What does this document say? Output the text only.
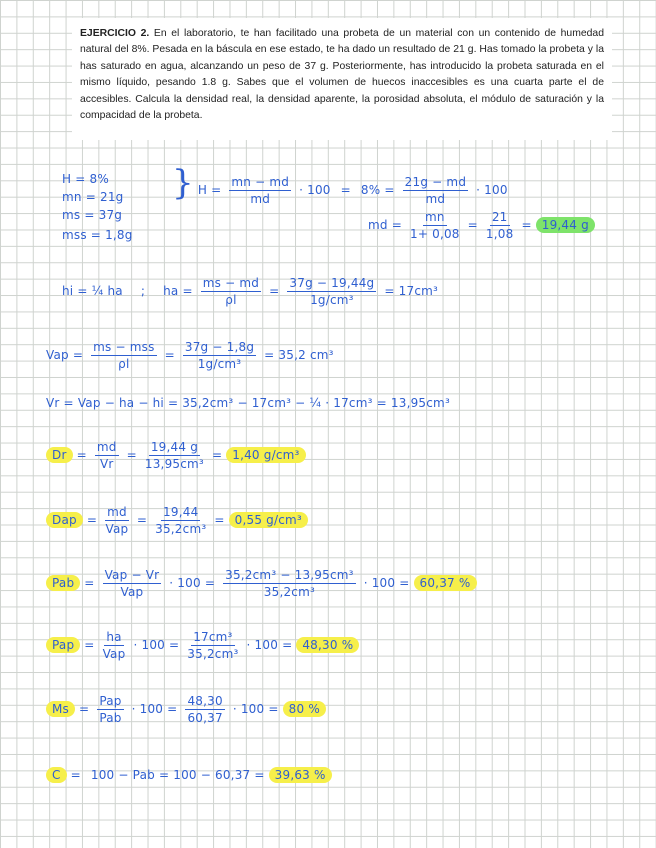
EJERCICIO 2. En el laboratorio, te han facilitado una probeta de un material con un contenido de humedad natural del 8%. Pesada en la báscula en ese estado, te ha dado un resultado de 21 g. Has tomado la probeta y la has saturado en agua, alcanzando un peso de 37 g. Posteriormente, has introducido la probeta saturada en el mismo líquido, pesando 1.8 g. Sabes que el volumen de huecos inaccesibles es una cuarta parte el de accesibles. Calcula la densidad real, la densidad aparente, la porosidad absoluta, el módulo de saturación y la compacidad de la probeta.
H = 8%
mn = 21g
ms = 37g
mss = 1,8g
} $H = \frac{mn - md}{md} \cdot 100 = 8\% = \frac{21g - md}{md} \cdot 100$
md = $\frac{mn}{1+ 0,08} = \frac{21}{1,08} = 19,44$ g
hi = ¼ ha ; ha = $\frac{ms - md}{\rho l} = \frac{37g - 19,44g}{\text{1g/cm³}} = 17cm^3$
Vap = $\frac{\text{ms − mss}}{\rho l} = \frac{37g - 1,8g}{\text{1g/cm³}} = 35,2$ cm³
Vr = Vap − ha − hi = 35,2cm³ − 17cm³ − ¼ · 17cm³ = 13,95cm³
$Dr = \frac{md}{Vr} = \frac{19,44 g}{\text{13,95cm³}} = 1,40$ g/cm³
Dap = $\frac{md}{\text{Vap}} = \frac{19,44}{\text{35,2cm³}} = 0,55$ g/cm³
Pab = $\frac{\text{Vap − Vr}}{\text{Vap}} \cdot 100 = \frac{\text{35,2cm³ − 13,95cm³}}{\text{35,2cm³}} \cdot 100 = 60,37$ %
Pap = $\frac{ha}{\text{Vap}} \cdot 100 = \frac{\text{17cm³}}{\text{35,2cm³}} \cdot 100 = 48,30$ %
$Ms = \frac{\text{Pap}}{\text{Pab}} \cdot 100 = \frac{48,30}{60,37} \cdot 100 = 80$ %
C = 100 − Pab = 100 − 60,37 = 39,63 %
